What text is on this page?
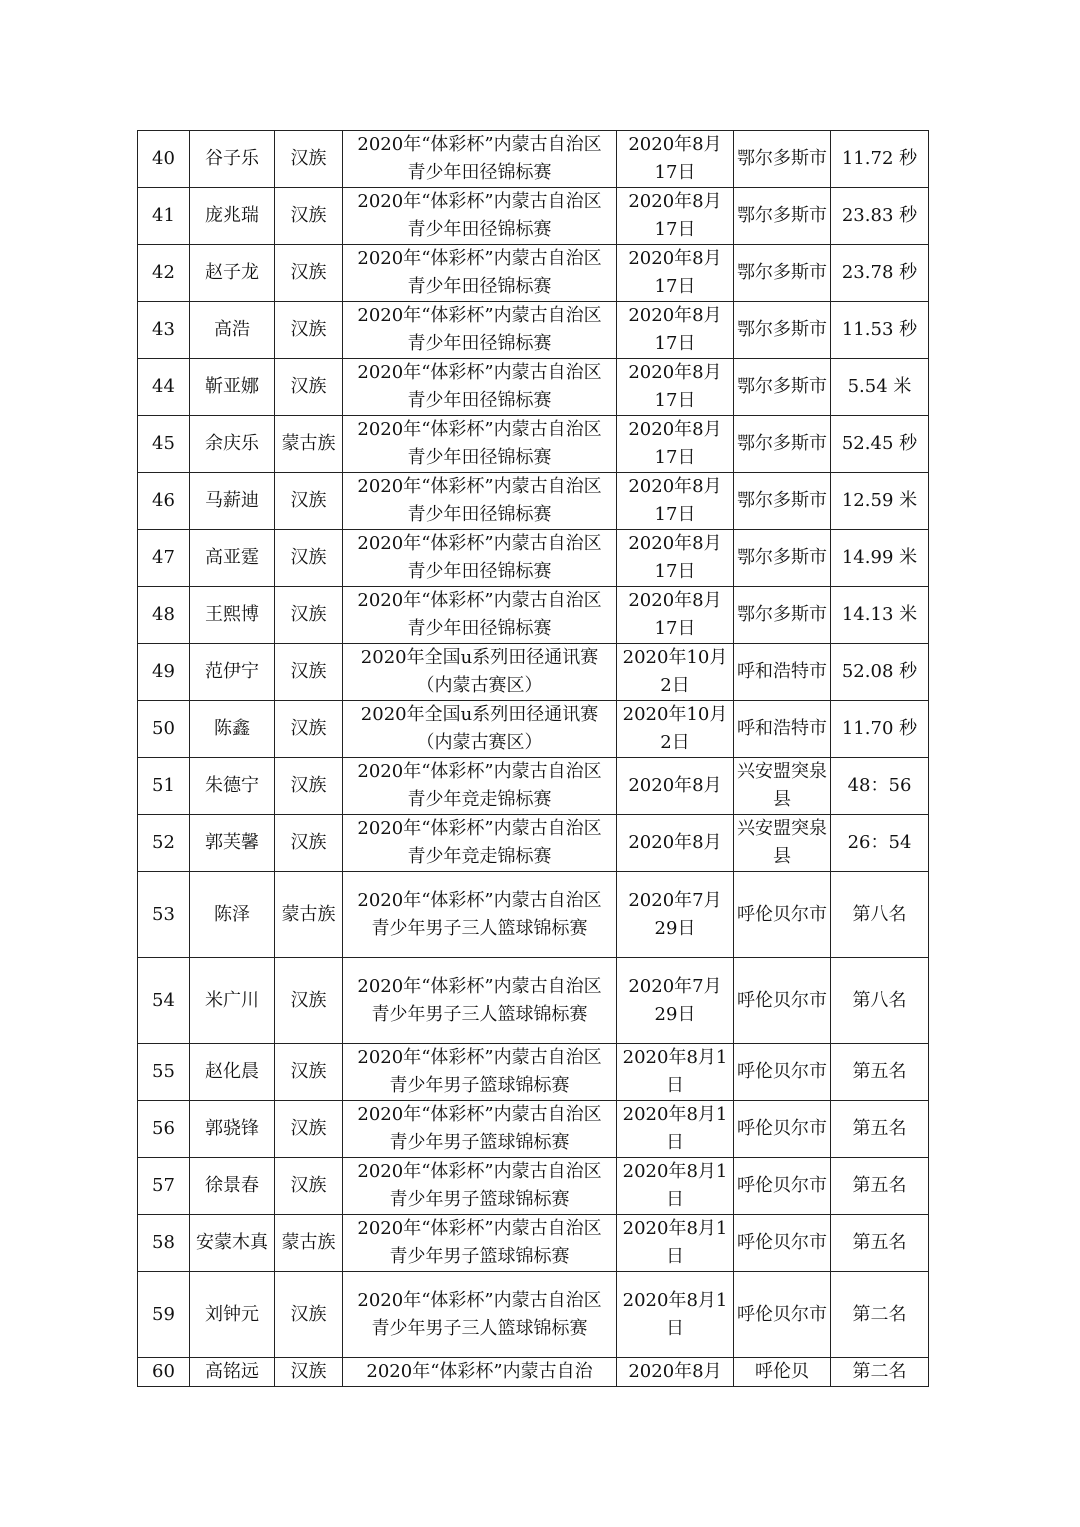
40	谷子乐	汉族	2020年“体彩杯”内蒙古自治区青少年田径锦标赛	2020年8月17日	鄂尔多斯市	11.72 秒
41	庞兆瑞	汉族	2020年“体彩杯”内蒙古自治区青少年田径锦标赛	2020年8月17日	鄂尔多斯市	23.83 秒
42	赵子龙	汉族	2020年“体彩杯”内蒙古自治区青少年田径锦标赛	2020年8月17日	鄂尔多斯市	23.78 秒
43	高浩	汉族	2020年“体彩杯”内蒙古自治区青少年田径锦标赛	2020年8月17日	鄂尔多斯市	11.53 秒
44	靳亚娜	汉族	2020年“体彩杯”内蒙古自治区青少年田径锦标赛	2020年8月17日	鄂尔多斯市	5.54 米
45	余庆乐	蒙古族	2020年“体彩杯”内蒙古自治区青少年田径锦标赛	2020年8月17日	鄂尔多斯市	52.45 秒
46	马薪迪	汉族	2020年“体彩杯”内蒙古自治区青少年田径锦标赛	2020年8月17日	鄂尔多斯市	12.59 米
47	高亚霆	汉族	2020年“体彩杯”内蒙古自治区青少年田径锦标赛	2020年8月17日	鄂尔多斯市	14.99 米
48	王熙博	汉族	2020年“体彩杯”内蒙古自治区青少年田径锦标赛	2020年8月17日	鄂尔多斯市	14.13 米
49	范伊宁	汉族	2020年全国u系列田径通讯赛（内蒙古赛区）	2020年10月2日	呼和浩特市	52.08 秒
50	陈鑫	汉族	2020年全国u系列田径通讯赛（内蒙古赛区）	2020年10月2日	呼和浩特市	11.70 秒
51	朱德宁	汉族	2020年“体彩杯”内蒙古自治区青少年竞走锦标赛	2020年8月	兴安盟突泉县	48：56
52	郭芙馨	汉族	2020年“体彩杯”内蒙古自治区青少年竞走锦标赛	2020年8月	兴安盟突泉县	26：54
53	陈泽	蒙古族	2020年“体彩杯”内蒙古自治区青少年男子三人篮球锦标赛	2020年7月29日	呼伦贝尔市	第八名
54	米广川	汉族	2020年“体彩杯”内蒙古自治区青少年男子三人篮球锦标赛	2020年7月29日	呼伦贝尔市	第八名
55	赵化晨	汉族	2020年“体彩杯”内蒙古自治区青少年男子篮球锦标赛	2020年8月1日	呼伦贝尔市	第五名
56	郭骁锋	汉族	2020年“体彩杯”内蒙古自治区青少年男子篮球锦标赛	2020年8月1日	呼伦贝尔市	第五名
57	徐景春	汉族	2020年“体彩杯”内蒙古自治区青少年男子篮球锦标赛	2020年8月1日	呼伦贝尔市	第五名
58	安蒙木真	蒙古族	2020年“体彩杯”内蒙古自治区青少年男子篮球锦标赛	2020年8月1日	呼伦贝尔市	第五名
59	刘钟元	汉族	2020年“体彩杯”内蒙古自治区青少年男子三人篮球锦标赛	2020年8月1日	呼伦贝尔市	第二名
60	高铭远	汉族	2020年“体彩杯”内蒙古自治	2020年8月	呼伦贝	第二名
